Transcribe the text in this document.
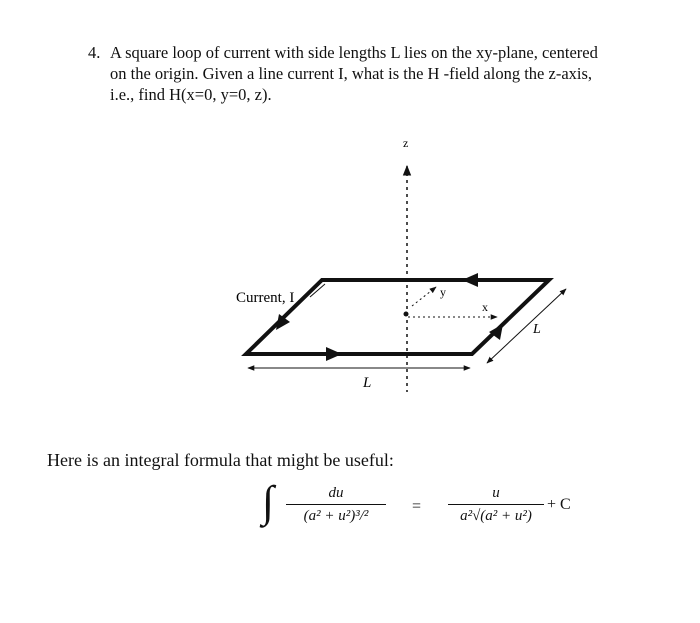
4. A square loop of current with side lengths L lies on the xy-plane, centered
on the origin. Given a line current I, what is the H -field along the z-axis,
i.e., find H(x=0, y=0, z).
z
y
x
Current, I
L
L
Here is an integral formula that might be useful:
∫	du
(a² + u²)³/²
=
u
a²√(a² + u²)
+ C
